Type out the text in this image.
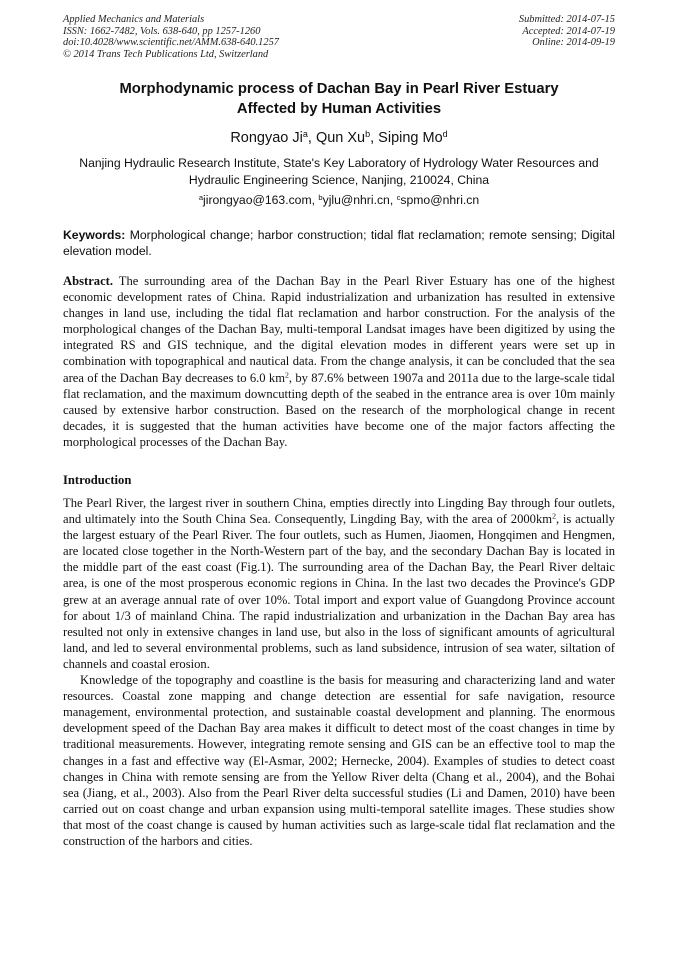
Applied Mechanics and Materials
ISSN: 1662-7482, Vols. 638-640, pp 1257-1260
doi:10.4028/www.scientific.net/AMM.638-640.1257
© 2014 Trans Tech Publications Ltd, Switzerland
Submitted: 2014-07-15
Accepted: 2014-07-19
Online: 2014-09-19
Morphodynamic process of Dachan Bay in Pearl River Estuary
Affected by Human Activities
Rongyao Ji$^a$, Qun Xu$^b$, Siping Mo$^d$
Nanjing Hydraulic Research Institute, State's Key Laboratory of Hydrology Water Resources and
Hydraulic Engineering Science, Nanjing, 210024, China
$^a$jirongyao@163.com, $^b$yjlu@nhri.cn, $^c$spmo@nhri.cn
Keywords: Morphological change; harbor construction; tidal flat reclamation; remote sensing; Digital elevation model.
Abstract. The surrounding area of the Dachan Bay in the Pearl River Estuary has one of the highest economic development rates of China. Rapid industrialization and urbanization has resulted in extensive changes in land use, including the tidal flat reclamation and harbor construction. For the analysis of the morphological changes of the Dachan Bay, multi-temporal Landsat images have been digitized by using the integrated RS and GIS technique, and the digital elevation modes in different years were set up in combination with topographical and nautical data. From the change analysis, it can be concluded that the sea area of the Dachan Bay decreases to 6.0 $km^2$, by 87.6% between 1907a and 2011a due to the large-scale tidal flat reclamation, and the maximum downcutting depth of the seabed in the entrance area is over 10m mainly caused by extensive harbor construction. Based on the research of the morphological change in recent decades, it is suggested that the human activities have become one of the major factors affecting the morphological processes of the Dachan Bay.
Introduction

The Pearl River, the largest river in southern China, empties directly into Lingding Bay through four outlets, and ultimately into the South China Sea. Consequently, Lingding Bay, with the area of $2000km^2$, is actually the largest estuary of the Pearl River. The four outlets, such as Humen, Jiaomen, Hongqimen and Hengmen, are located close together in the North-Western part of the bay, and the secondary Dachan Bay is located in the middle part of the east coast (Fig.1). The surrounding area of the Dachan Bay, the Pearl River deltaic area, is one of the most prosperous economic regions in China. In the last two decades the Province's GDP grew at an average annual rate of over 10%. Total import and export value of Guangdong Province account for about 1/3 of mainland China. The rapid industrialization and urbanization in the Dachan Bay area has resulted not only in extensive changes in land use, but also in the loss of significant amounts of agricultural land, and led to several environmental problems, such as land subsidence, intrusion of sea water, siltation of channels and coastal erosion.

Knowledge of the topography and coastline is the basis for measuring and characterizing land and water resources. Coastal zone mapping and change detection are essential for safe navigation, resource management, environmental protection, and sustainable coastal development and planning. The enormous development speed of the Dachan Bay area makes it difficult to detect most of the coast changes in time by traditional measurements. However, integrating remote sensing and GIS can be an effective tool to map the changes in a fast and effective way (El-Asmar, 2002; Hernecke, 2004). Examples of studies to detect coast changes in China with remote sensing are from the Yellow River delta (Chang et al., 2004), and the Bohai sea (Jiang, et al., 2003). Also from the Pearl River delta successful studies (Li and Damen, 2010) have been carried out on coast change and urban expansion using multi-temporal satellite images. These studies show that most of the coast change is caused by human activities such as large-scale tidal flat reclamation and the construction of the harbors and cities.
